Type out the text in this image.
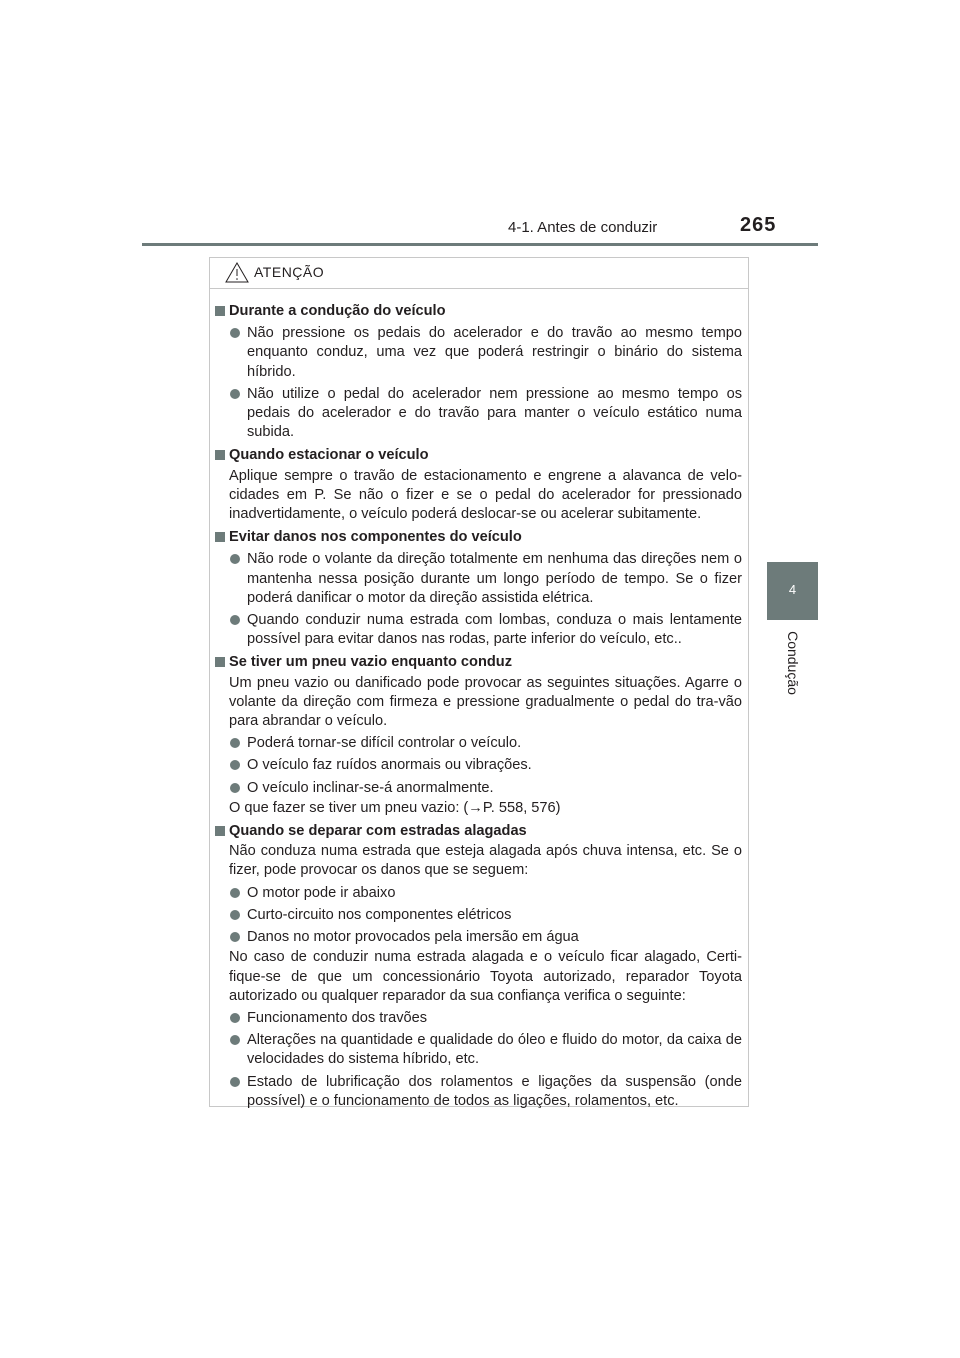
4-1. Antes de conduzir	265
4
Condução
ATENÇÃO
Durante a condução do veículo
Não pressione os pedais do acelerador e do travão ao mesmo tempo enquanto conduz, uma vez que poderá restringir o binário do sistema híbrido.
Não utilize o pedal do acelerador nem pressione ao mesmo tempo os pedais do acelerador e do travão para manter o veículo estático numa subida.
Quando estacionar o veículo
Aplique sempre o travão de estacionamento e engrene a alavanca de velo-cidades em P. Se não o fizer e se o pedal do acelerador for pressionado inadvertidamente, o veículo poderá deslocar-se ou acelerar subitamente.
Evitar danos nos componentes do veículo
Não rode o volante da direção totalmente em nenhuma das direções nem o mantenha nessa posição durante um longo período de tempo. Se o fizer poderá danificar o motor da direção assistida elétrica.
Quando conduzir numa estrada com lombas, conduza o mais lentamente possível para evitar danos nas rodas, parte inferior do veículo, etc..
Se tiver um pneu vazio enquanto conduz
Um pneu vazio ou danificado pode provocar as seguintes situações. Agarre o volante da direção com firmeza e pressione gradualmente o pedal do tra-vão para abrandar o veículo.
Poderá tornar-se difícil controlar o veículo.
O veículo faz ruídos anormais ou vibrações.
O veículo inclinar-se-á anormalmente.
O que fazer se tiver um pneu vazio: (→P. 558, 576)
Quando se deparar com estradas alagadas
Não conduza numa estrada que esteja alagada após chuva intensa, etc. Se o fizer, pode provocar os danos que se seguem:
O motor pode ir abaixo
Curto-circuito nos componentes elétricos
Danos no motor provocados pela imersão em água
No caso de conduzir numa estrada alagada e o veículo ficar alagado, Certi-fique-se de que um concessionário Toyota autorizado, reparador Toyota autorizado ou qualquer reparador da sua confiança verifica o seguinte:
Funcionamento dos travões
Alterações na quantidade e qualidade do óleo e fluido do motor, da caixa de velocidades do sistema híbrido, etc.
Estado de lubrificação dos rolamentos e ligações da suspensão (onde possível) e o funcionamento de todos as ligações, rolamentos, etc.
